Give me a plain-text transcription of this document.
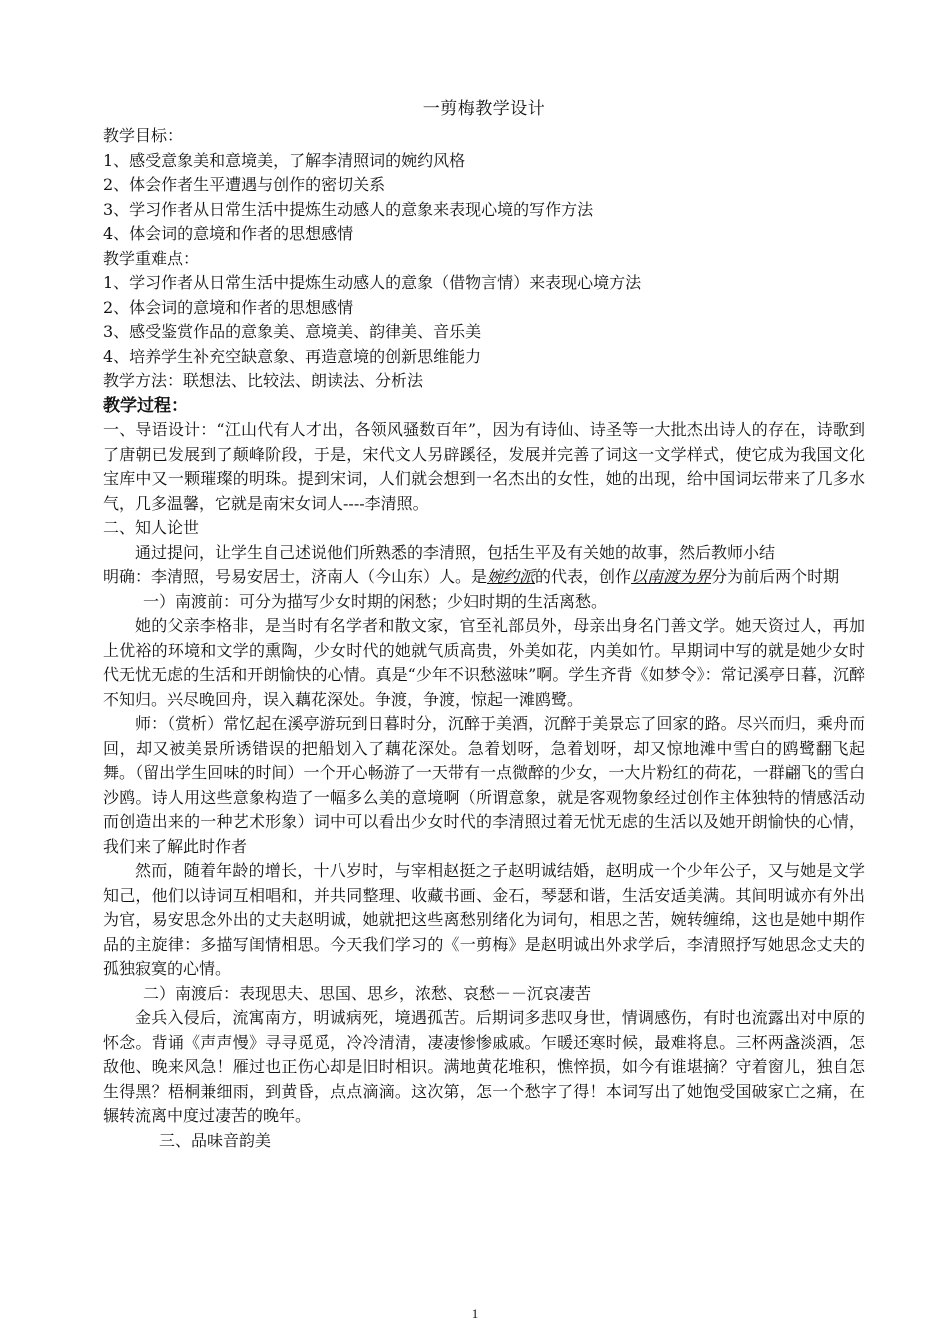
一剪梅教学设计

教学目标：

1、感受意象美和意境美，了解李清照词的婉约风格

2、体会作者生平遭遇与创作的密切关系

3、学习作者从日常生活中提炼生动感人的意象来表现心境的写作方法

4、体会词的意境和作者的思想感情

教学重难点：

1、学习作者从日常生活中提炼生动感人的意象（借物言情）来表现心境方法

2、体会词的意境和作者的思想感情

3、感受鉴赏作品的意象美、意境美、韵律美、音乐美

4、培养学生补充空缺意象、再造意境的创新思维能力

教学方法：联想法、比较法、朗读法、分析法

教学过程：

一、导语设计：“江山代有人才出，各领风骚数百年”，因为有诗仙、诗圣等一大批杰出诗人的存在，诗歌到了唐朝已发展到了颠峰阶段，于是，宋代文人另辟蹊径，发展并完善了词这一文学样式，使它成为我国文化宝库中又一颗璀璨的明珠。提到宋词，人们就会想到一名杰出的女性，她的出现，给中国词坛带来了几多水气，几多温馨，它就是南宋女词人----李清照。

二、知人论世

通过提问，让学生自己述说他们所熟悉的李清照，包括生平及有关她的故事，然后教师小结

明确：李清照，号易安居士，济南人（今山东）人。是婉约派的代表，创作以南渡为界分为前后两个时期

一）南渡前：可分为描写少女时期的闲愁；少妇时期的生活离愁。

她的父亲李格非，是当时有名学者和散文家，官至礼部员外，母亲出身名门善文学。她天资过人，再加上优裕的环境和文学的熏陶，少女时代的她就气质高贵，外美如花，内美如竹。早期词中写的就是她少女时代无忧无虑的生活和开朗愉快的心情。真是“少年不识愁滋味”啊。学生齐背《如梦令》：常记溪亭日暮，沉醉不知归。兴尽晚回舟，误入藕花深处。争渡，争渡，惊起一滩鸥鹭。

师：（赏析）常忆起在溪亭游玩到日暮时分，沉醉于美酒，沉醉于美景忘了回家的路。尽兴而归，乘舟而回，却又被美景所诱错误的把船划入了藕花深处。急着划呀，急着划呀，却又惊地滩中雪白的鸥鹭翻飞起舞。（留出学生回味的时间）一个开心畅游了一天带有一点微醉的少女，一大片粉红的荷花，一群翩飞的雪白沙鸥。诗人用这些意象构造了一幅多么美的意境啊（所谓意象，就是客观物象经过创作主体独特的情感活动而创造出来的一种艺术形象）词中可以看出少女时代的李清照过着无忧无虑的生活以及她开朗愉快的心情，我们来了解此时作者

然而，随着年龄的增长，十八岁时，与宰相赵挺之子赵明诚结婚，赵明成一个少年公子，又与她是文学知己，他们以诗词互相唱和，并共同整理、收藏书画、金石，琴瑟和谐，生活安适美满。其间明诚亦有外出为官，易安思念外出的丈夫赵明诚，她就把这些离愁别绪化为词句，相思之苦，婉转缠绵，这也是她中期作品的主旋律：多描写闺情相思。今天我们学习的《一剪梅》是赵明诚出外求学后，李清照抒写她思念丈夫的孤独寂寞的心情。

二）南渡后：表现思夫、思国、思乡，浓愁、哀愁－－沉哀凄苦

金兵入侵后，流寓南方，明诚病死，境遇孤苦。后期词多悲叹身世，情调感伤，有时也流露出对中原的怀念。背诵《声声慢》寻寻觅觅，冷冷清清，凄凄惨惨戚戚。乍暖还寒时候，最难将息。三杯两盏淡酒，怎敌他、晚来风急！雁过也正伤心却是旧时相识。满地黄花堆积，憔悴损，如今有谁堪摘？守着窗儿，独自怎生得黑？梧桐兼细雨，到黄昏，点点滴滴。这次第，怎一个愁字了得！本词写出了她饱受国破家亡之痛，在辗转流离中度过凄苦的晚年。

三、品味音韵美

1
